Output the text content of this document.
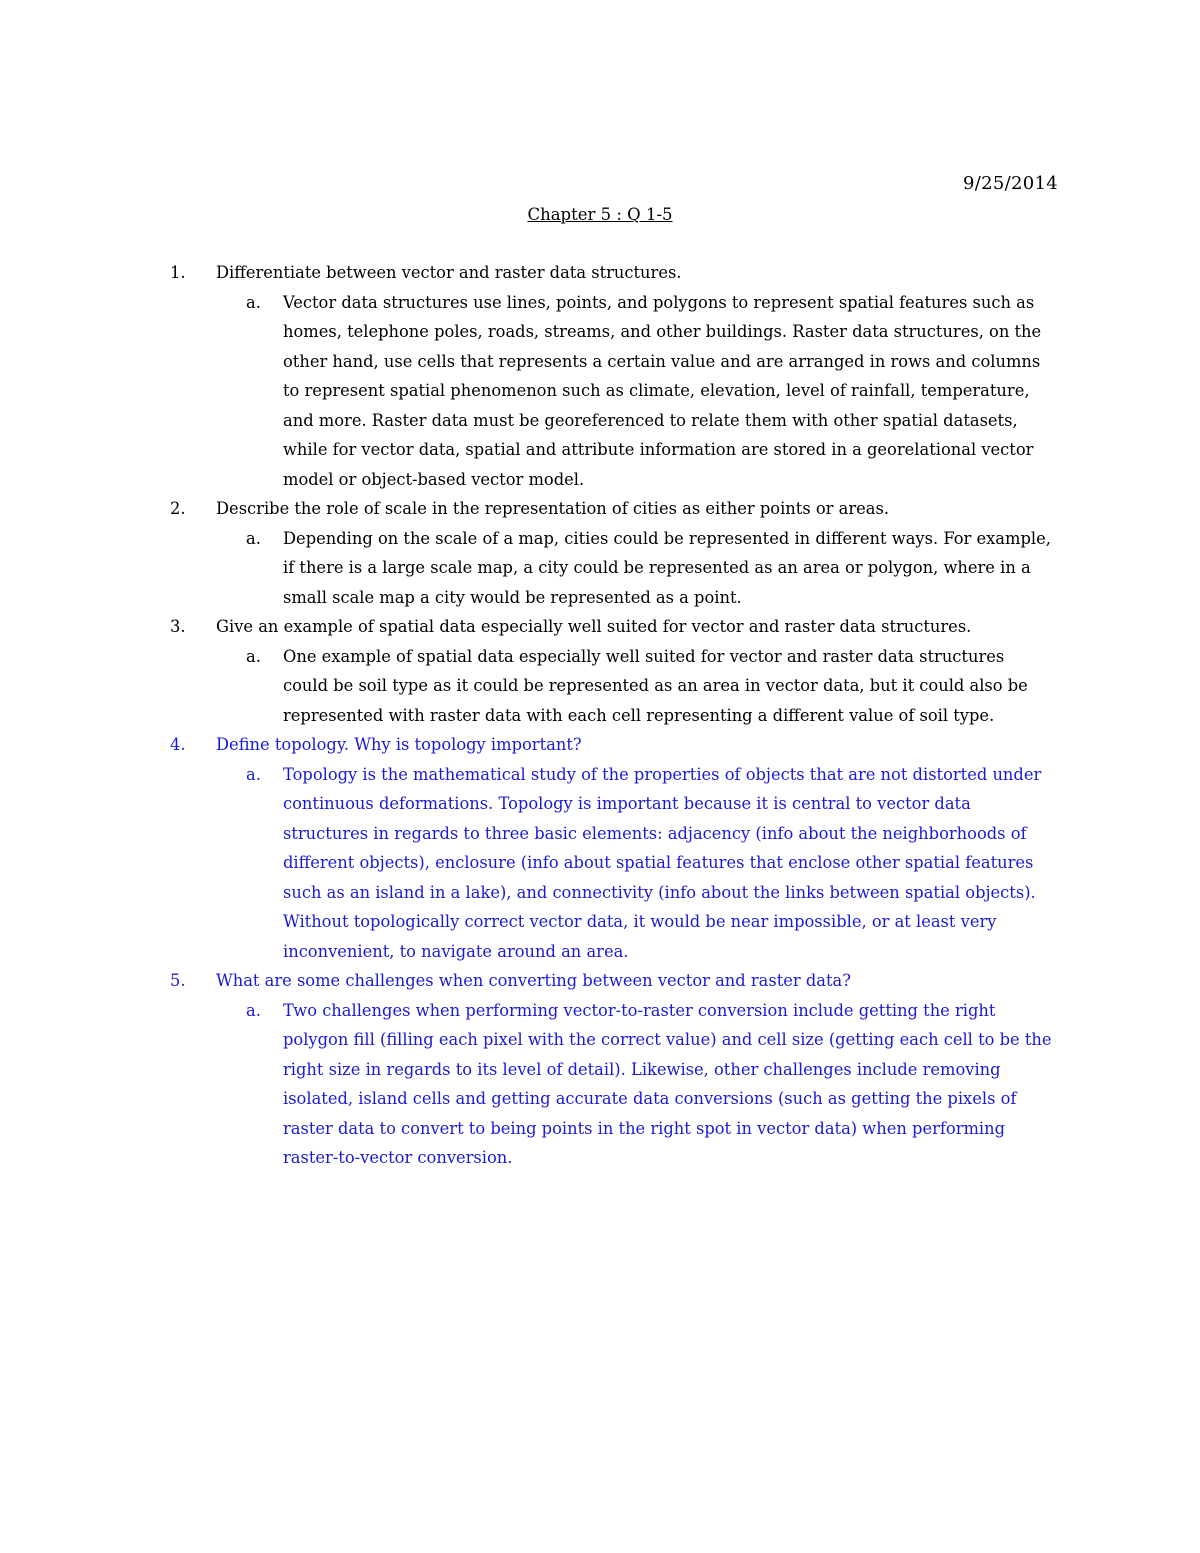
9/25/2014
Chapter 5 : Q 1-5
1.	Differentiate between vector and raster data structures.
a.	Vector data structures use lines, points, and polygons to represent spatial features such as homes, telephone poles, roads, streams, and other buildings. Raster data structures, on the other hand, use cells that represents a certain value and are arranged in rows and columns to represent spatial phenomenon such as climate, elevation, level of rainfall, temperature, and more. Raster data must be georeferenced to relate them with other spatial datasets, while for vector data, spatial and attribute information are stored in a georelational vector model or object-based vector model.
2.	Describe the role of scale in the representation of cities as either points or areas.
a.	Depending on the scale of a map, cities could be represented in different ways. For example, if there is a large scale map, a city could be represented as an area or polygon, where in a small scale map a city would be represented as a point.
3.	Give an example of spatial data especially well suited for vector and raster data structures.
a.	One example of spatial data especially well suited for vector and raster data structures could be soil type as it could be represented as an area in vector data, but it could also be represented with raster data with each cell representing a different value of soil type.
4.	Define topology. Why is topology important?
a.	Topology is the mathematical study of the properties of objects that are not distorted under continuous deformations. Topology is important because it is central to vector data structures in regards to three basic elements: adjacency (info about the neighborhoods of different objects), enclosure (info about spatial features that enclose other spatial features such as an island in a lake), and connectivity (info about the links between spatial objects). Without topologically correct vector data, it would be near impossible, or at least very inconvenient, to navigate around an area.
5.	What are some challenges when converting between vector and raster data?
a.	Two challenges when performing vector-to-raster conversion include getting the right polygon fill (filling each pixel with the correct value) and cell size (getting each cell to be the right size in regards to its level of detail). Likewise, other challenges include removing isolated, island cells and getting accurate data conversions (such as getting the pixels of raster data to convert to being points in the right spot in vector data) when performing raster-to-vector conversion.
